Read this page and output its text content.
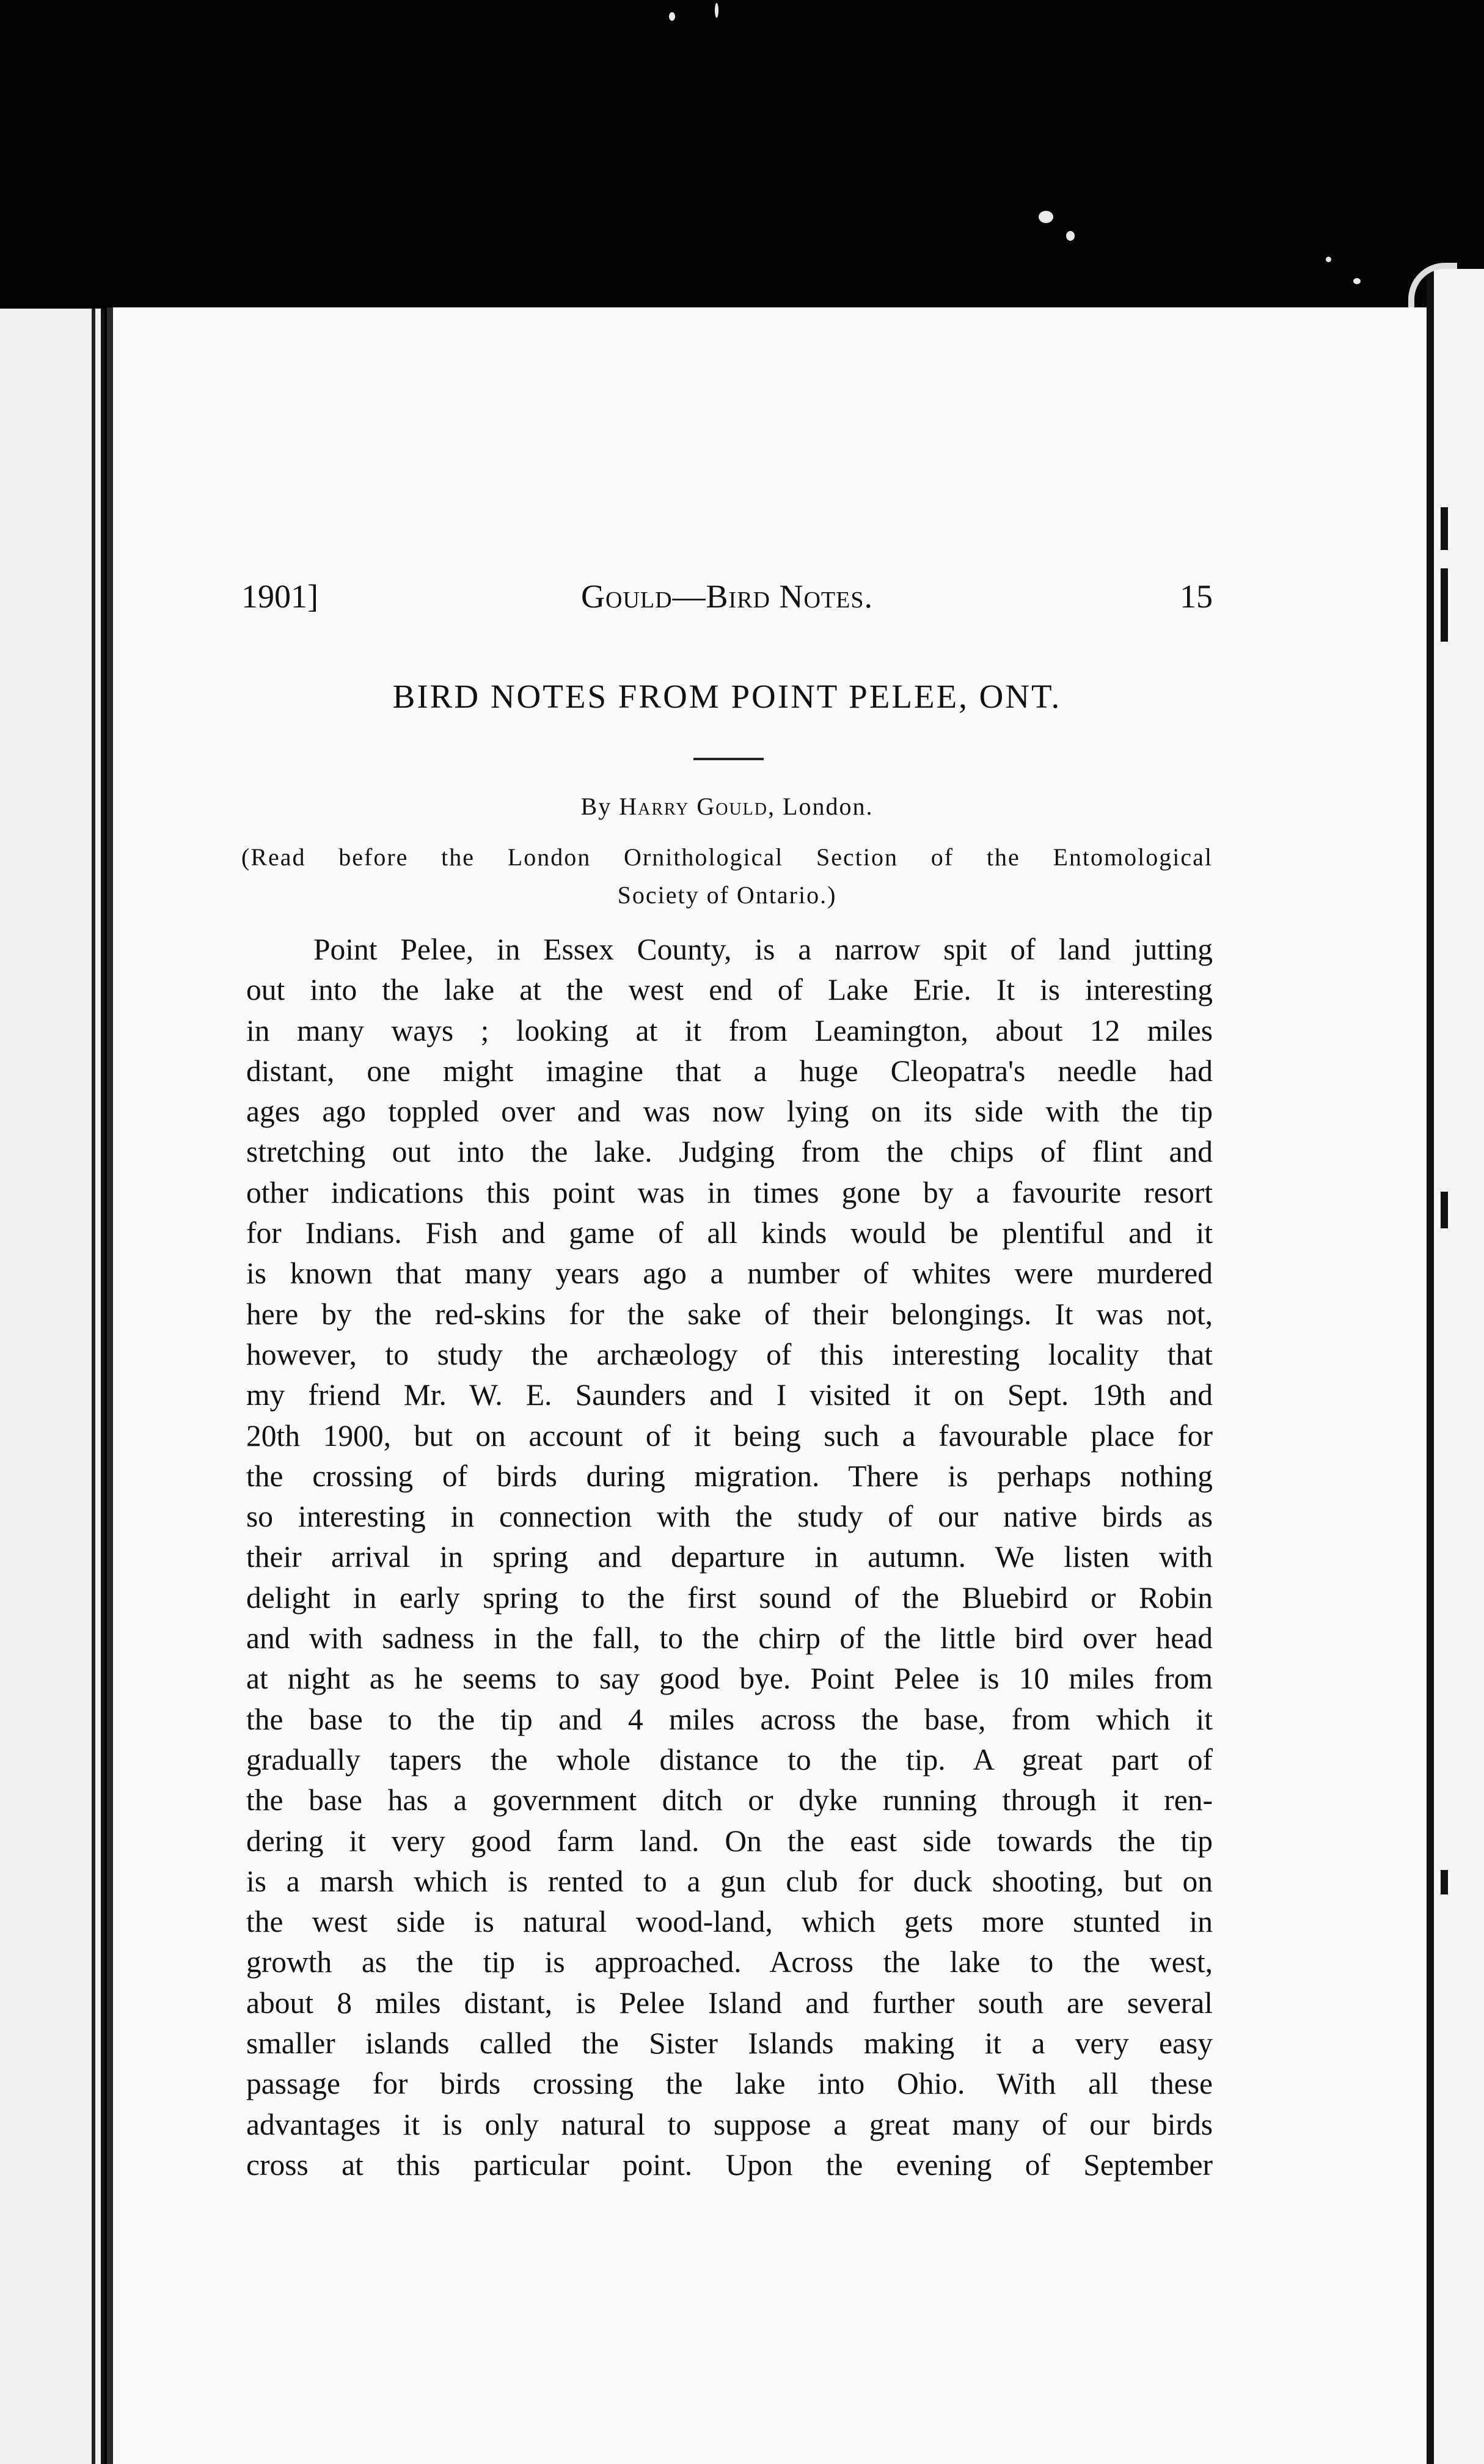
1901]	Gould—Bird Notes.	15
BIRD NOTES FROM POINT PELEE, ONT.
By Harry Gould, London.
(Read before the London Ornithological Section of the Entomological
Society of Ontario.)
Point Pelee, in Essex County, is a narrow spit of land jutting
out into the lake at the west end of Lake Erie. It is interesting
in many ways ; looking at it from Leamington, about 12 miles
distant, one might imagine that a huge Cleopatra's needle had
ages ago toppled over and was now lying on its side with the tip
stretching out into the lake. Judging from the chips of flint and
other indications this point was in times gone by a favourite resort
for Indians. Fish and game of all kinds would be plentiful and it
is known that many years ago a number of whites were murdered
here by the red-skins for the sake of their belongings. It was not,
however, to study the archæology of this interesting locality that
my friend Mr. W. E. Saunders and I visited it on Sept. 19th and
20th 1900, but on account of it being such a favourable place for
the crossing of birds during migration. There is perhaps nothing
so interesting in connection with the study of our native birds as
their arrival in spring and departure in autumn. We listen with
delight in early spring to the first sound of the Bluebird or Robin
and with sadness in the fall, to the chirp of the little bird over head
at night as he seems to say good bye. Point Pelee is 10 miles from
the base to the tip and 4 miles across the base, from which it
gradually tapers the whole distance to the tip. A great part of
the base has a government ditch or dyke running through it ren-
dering it very good farm land. On the east side towards the tip
is a marsh which is rented to a gun club for duck shooting, but on
the west side is natural wood-land, which gets more stunted in
growth as the tip is approached. Across the lake to the west,
about 8 miles distant, is Pelee Island and further south are several
smaller islands called the Sister Islands making it a very easy
passage for birds crossing the lake into Ohio. With all these
advantages it is only natural to suppose a great many of our birds
cross at this particular point. Upon the evening of September
